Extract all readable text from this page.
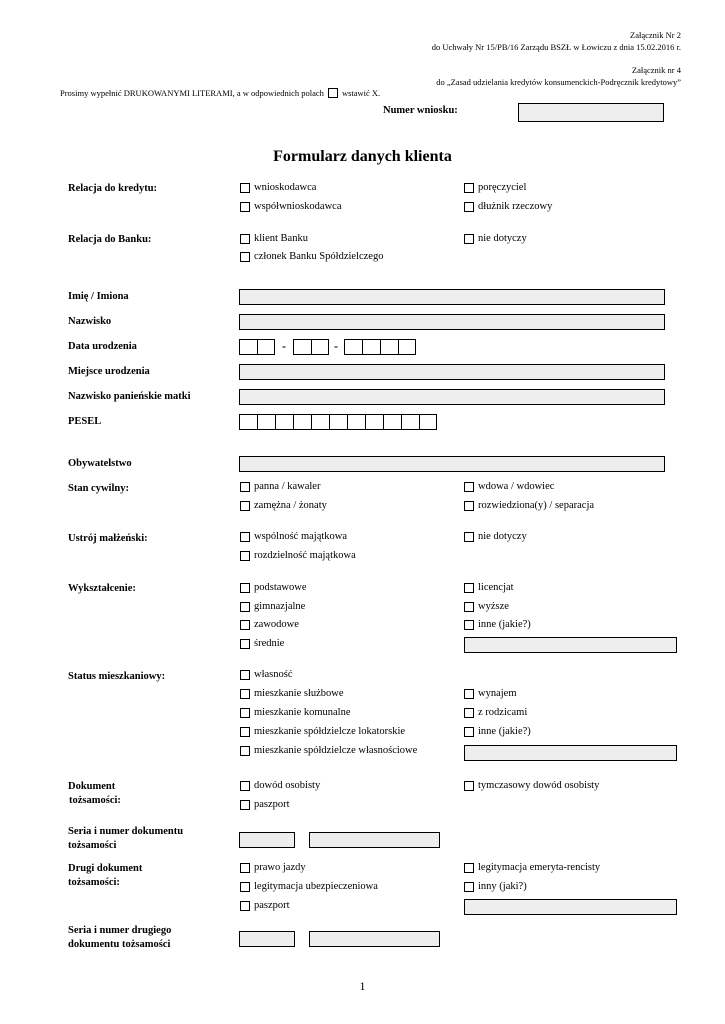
Załącznik Nr 2
do Uchwały Nr 15/PB/16 Zarządu BSZŁ w Łowiczu z dnia 15.02.2016 r.
Załącznik nr 4
do „Zasad udzielania kredytów konsumenckich-Podręcznik kredytowy”
Prosimy wypełnić DRUKOWANYMI LITERAMI, a w odpowiednich polach wstawić X.
Numer wniosku:
Formularz danych klienta
Relacja do kredytu:	wnioskodawca	poręczyciel
współwnioskodawca	dłużnik rzeczowy
Relacja do Banku:	klient Banku	nie dotyczy
członek Banku Spółdzielczego
Imię / Imiona
Nazwisko
Data urodzenia	-	-
Miejsce urodzenia
Nazwisko panieńskie matki
PESEL
Obywatelstwo
Stan cywilny:	panna / kawaler	wdowa / wdowiec
zamężna / żonaty	rozwiedziona(y) / separacja
Ustrój małżeński:	wspólność majątkowa	nie dotyczy
rozdzielność majątkowa
Wykształcenie:	podstawowe	licencjat
gimnazjalne	wyższe
zawodowe	inne (jakie?)
średnie
Status mieszkaniowy:	własność
mieszkanie służbowe	wynajem
mieszkanie komunalne	z rodzicami
mieszkanie spółdzielcze lokatorskie	inne (jakie?)
mieszkanie spółdzielcze własnościowe
Dokument
tożsamości:
dowód osobisty	tymczasowy dowód osobisty
paszport
Seria i numer dokumentu
tożsamości
Drugi dokument
tożsamości:
prawo jazdy	legitymacja emeryta-rencisty
legitymacja ubezpieczeniowa	inny (jaki?)
paszport
Seria i numer drugiego
dokumentu tożsamości
1
